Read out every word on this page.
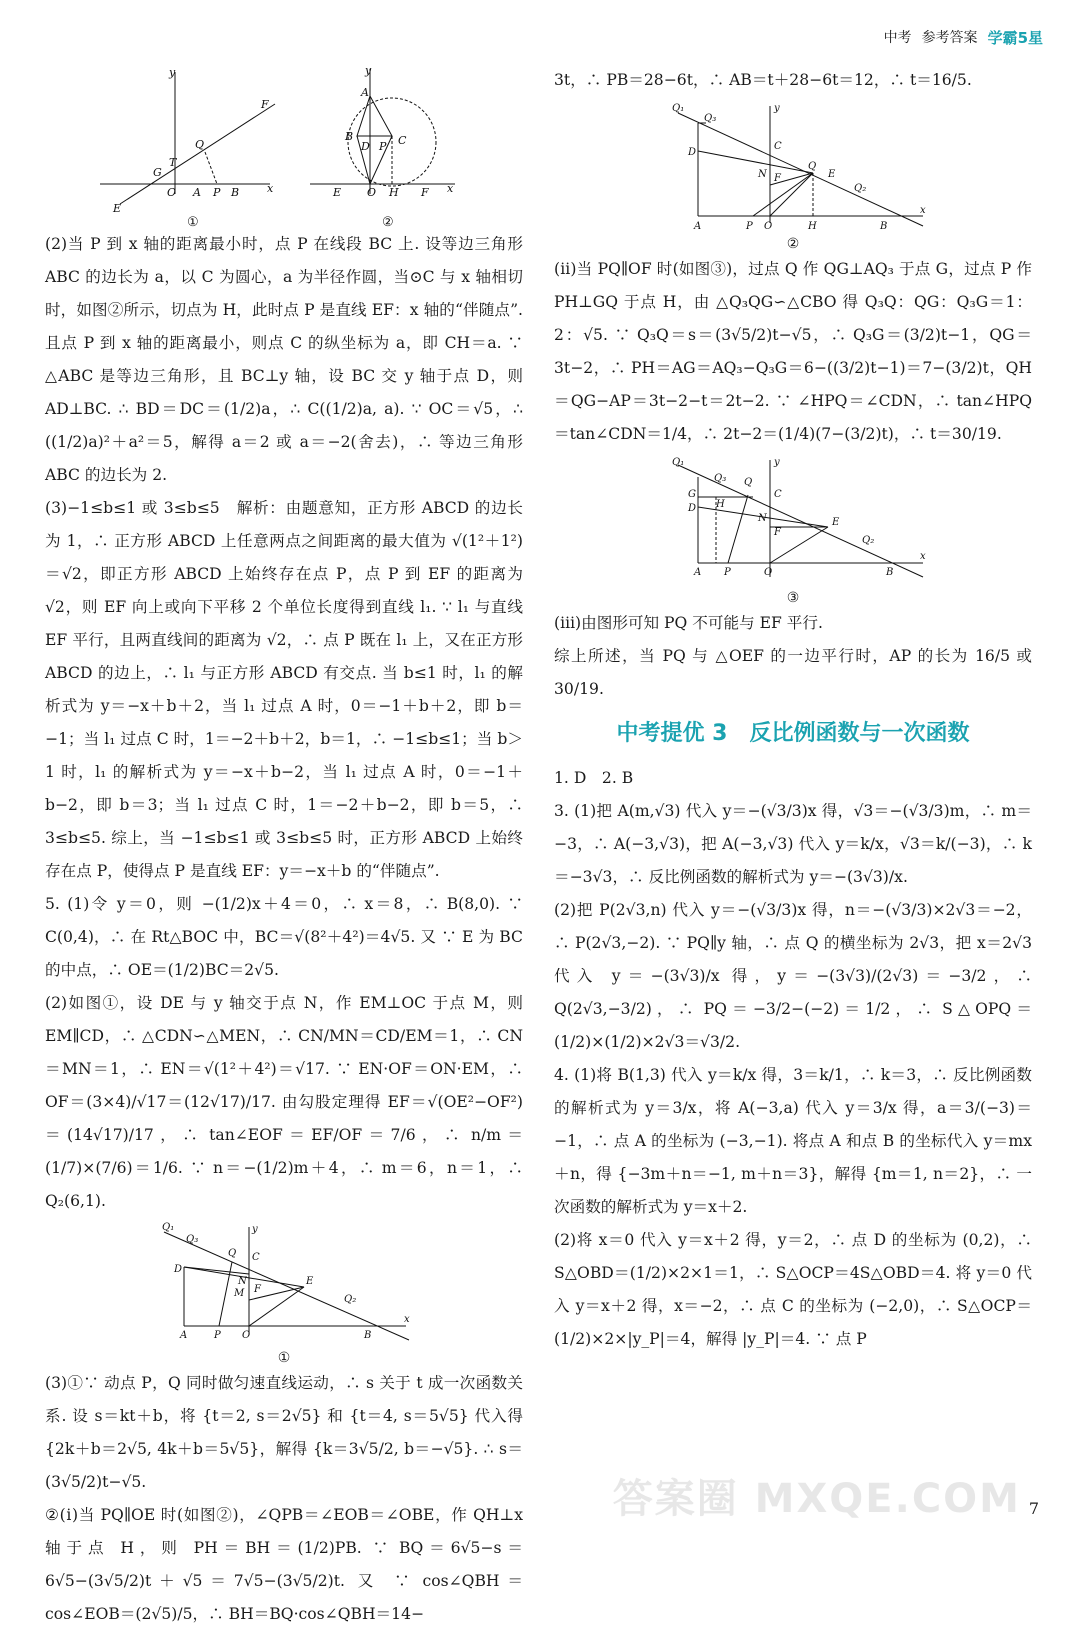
中考 参考答案 学霸5星
y
F
Q
T
G
O A P B	x
E
①
y
A
B
D P C
E O H F x
②

(2)当 P 到 x 轴的距离最小时，点 P 在线段 BC 上. 设等边三角形 ABC 的边长为 a，以 C 为圆心，a 为半径作圆，当⊙C 与 x 轴相切时，如图②所示，切点为 H，此时点 P 是直线 EF：x 轴的“伴随点”. 且点 P 到 x 轴的距离最小，则点 C 的纵坐标为 a，即 CH＝a. ∵ △ABC 是等边三角形，且 BC⊥y 轴，设 BC 交 y 轴于点 D，则 AD⊥BC. ∴ BD＝DC＝(1/2)a，∴ C((1/2)a, a). ∵ OC＝√5，∴ ((1/2)a)²＋a²＝5，解得 a＝2 或 a＝−2(舍去)，∴ 等边三角形 ABC 的边长为 2.

(3)−1≤b≤1 或 3≤b≤5　解析：由题意知，正方形 ABCD 的边长为 1，∴ 正方形 ABCD 上任意两点之间距离的最大值为 √(1²＋1²)＝√2，即正方形 ABCD 上始终存在点 P，点 P 到 EF 的距离为 √2，则 EF 向上或向下平移 2 个单位长度得到直线 l₁. ∵ l₁ 与直线 EF 平行，且两直线间的距离为 √2，∴ 点 P 既在 l₁ 上，又在正方形 ABCD 的边上，∴ l₁ 与正方形 ABCD 有交点. 当 b≤1 时，l₁ 的解析式为 y＝−x＋b＋2，当 l₁ 过点 A 时，0＝−1＋b＋2，即 b＝−1；当 l₁ 过点 C 时，1＝−2＋b＋2，b＝1，∴ −1≤b≤1；当 b＞1 时，l₁ 的解析式为 y＝−x＋b−2，当 l₁ 过点 A 时，0＝−1＋b−2，即 b＝3；当 l₁ 过点 C 时，1＝−2＋b−2，即 b＝5，∴ 3≤b≤5. 综上，当 −1≤b≤1 或 3≤b≤5 时，正方形 ABCD 上始终存在点 P，使得点 P 是直线 EF：y＝−x＋b 的“伴随点”.

5. (1)令 y＝0，则 −(1/2)x＋4＝0，∴ x＝8，∴ B(8,0). ∵ C(0,4)，∴ 在 Rt△BOC 中，BC＝√(8²＋4²)＝4√5. 又 ∵ E 为 BC 的中点，∴ OE＝(1/2)BC＝2√5.

(2)如图①，设 DE 与 y 轴交于点 N，作 EM⊥OC 于点 M，则 EM∥CD，∴ △CDN∽△MEN，∴ CN/MN＝CD/EM＝1，∴ CN＝MN＝1，∴ EN＝√(1²＋4²)＝√17. ∵ EN·OF＝ON·EM，∴ OF＝(3×4)/√17＝(12√17)/17. 由勾股定理得 EF＝√(OE²−OF²)＝(14√17)/17，∴ tan∠EOF＝EF/OF＝7/6，∴ n/m＝(1/7)×(7/6)＝1/6. ∵ n＝−(1/2)m＋4，∴ m＝6，n＝1，∴ Q₂(6,1).

y
Q₁
Q₃
Q C
D
N
M F
E
Q₂
A	P O	B
x
①

(3)①∵ 动点 P，Q 同时做匀速直线运动，∴ s 关于 t 成一次函数关系. 设 s＝kt＋b，将 {t＝2, s＝2√5} 和 {t＝4, s＝5√5} 代入得 {2k＋b＝2√5, 4k＋b＝5√5}，解得 {k＝3√5/2, b＝−√5}. ∴ s＝(3√5/2)t−√5.

②(ⅰ)当 PQ∥OE 时(如图②)，∠QPB＝∠EOB＝∠OBE，作 QH⊥x 轴于点 H，则 PH＝BH＝(1/2)PB. ∵ BQ＝6√5−s＝6√5−(3√5/2)t＋√5＝7√5−(3√5/2)t. 又 ∵ cos∠QBH＝cos∠EOB＝(2√5)/5，∴ BH＝BQ·cos∠QBH＝14−

3t，∴ PB＝28−6t，∴ AB＝t＋28−6t＝12，∴ t＝16/5.

Q₁
Q₃
y
D
C
N F
Q
E
Q₂
A	P O	H	B
x
②

(ⅱ)当 PQ∥OF 时(如图③)，过点 Q 作 QG⊥AQ₃ 于点 G，过点 P 作 PH⊥GQ 于点 H，由 △Q₃QG∽△CBO 得 Q₃Q：QG：Q₃G＝1：2：√5. ∵ Q₃Q＝s＝(3√5/2)t−√5，∴ Q₃G＝(3/2)t−1，QG＝3t−2，∴ PH＝AG＝AQ₃−Q₃G＝6−((3/2)t−1)＝7−(3/2)t，QH＝QG−AP＝3t−2−t＝2t−2. ∵ ∠HPQ＝∠CDN，∴ tan∠HPQ＝tan∠CDN＝1/4，∴ 2t−2＝(1/4)(7−(3/2)t)，∴ t＝30/19.

Q₁
Q₃ Q
y
G
D H
C
N
F
E
Q₂
A P	O	B
x
③

(ⅲ)由图形可知 PQ 不可能与 EF 平行.

综上所述，当 PQ 与 △OEF 的一边平行时，AP 的长为 16/5 或 30/19.

中考提优 3　反比例函数与一次函数

1. D　2. B

3. (1)把 A(m,√3) 代入 y＝−(√3/3)x 得，√3＝−(√3/3)m，∴ m＝−3，∴ A(−3,√3)，把 A(−3,√3) 代入 y＝k/x，√3＝k/(−3)，∴ k＝−3√3，∴ 反比例函数的解析式为 y＝−(3√3)/x.

(2)把 P(2√3,n) 代入 y＝−(√3/3)x 得，n＝−(√3/3)×2√3＝−2，∴ P(2√3,−2). ∵ PQ∥y 轴，∴ 点 Q 的横坐标为 2√3，把 x＝2√3 代入 y＝−(3√3)/x 得，y＝−(3√3)/(2√3)＝−3/2，∴ Q(2√3,−3/2)，∴ PQ＝−3/2−(−2)＝1/2，∴ S△OPQ＝(1/2)×(1/2)×2√3＝√3/2.

4. (1)将 B(1,3) 代入 y＝k/x 得，3＝k/1，∴ k＝3，∴ 反比例函数的解析式为 y＝3/x，将 A(−3,a) 代入 y＝3/x 得，a＝3/(−3)＝−1，∴ 点 A 的坐标为 (−3,−1). 将点 A 和点 B 的坐标代入 y＝mx＋n，得 {−3m＋n＝−1, m＋n＝3}，解得 {m＝1, n＝2}，∴ 一次函数的解析式为 y＝x＋2.

(2)将 x＝0 代入 y＝x＋2 得，y＝2，∴ 点 D 的坐标为 (0,2)，∴ S△OBD＝(1/2)×2×1＝1，∴ S△OCP＝4S△OBD＝4. 将 y＝0 代入 y＝x＋2 得，x＝−2，∴ 点 C 的坐标为 (−2,0)，∴ S△OCP＝(1/2)×2×|y_P|＝4，解得 |y_P|＝4. ∵ 点 P

答案圈 MXQE.COM 7
